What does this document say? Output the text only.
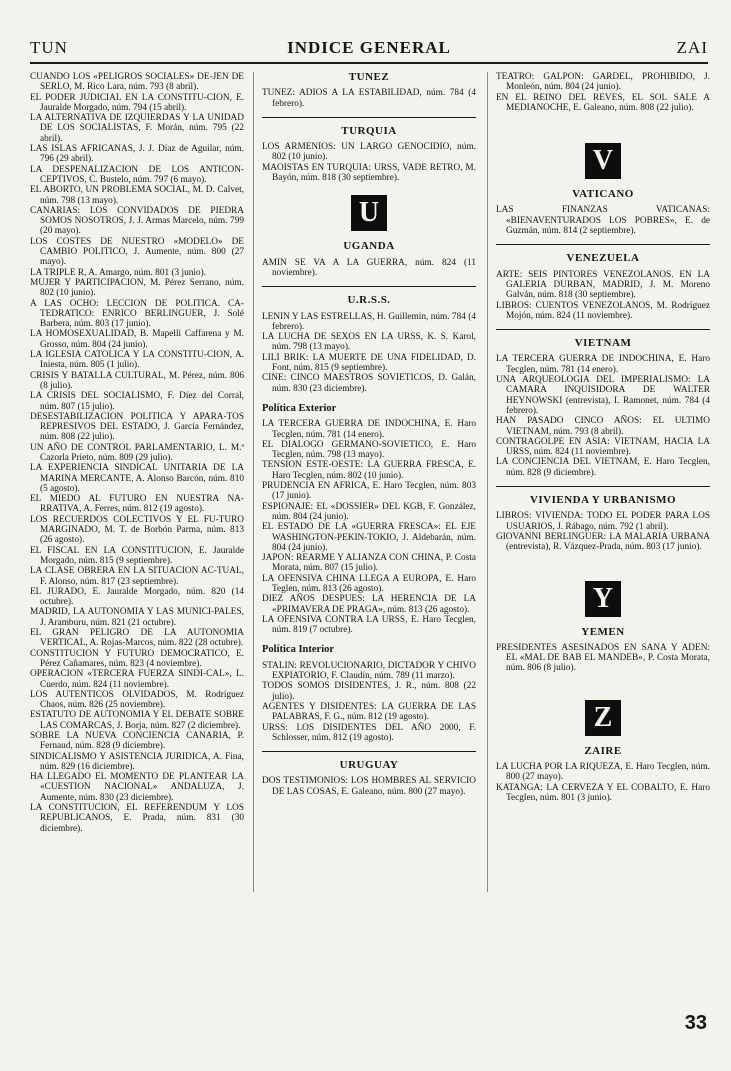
TUN	INDICE GENERAL	ZAI
CUANDO LOS «PELIGROS SOCIALES» DE-JEN DE SERLO, M. Rico Lara, núm. 793 (8 abril).
EL PODER JUDICIAL EN LA CONSTITU-CION, E. Jauralde Morgado, núm. 794 (15 abril).
LA ALTERNATIVA DE IZQUIERDAS Y LA UNIDAD DE LOS SOCIALISTAS, F. Morán, núm. 795 (22 abril).
LAS ISLAS AFRICANAS, J. J. Díaz de Aguilar, núm. 796 (29 abril).
LA DESPENALIZACION DE LOS ANTICON-CEPTIVOS, C. Bustelo, núm. 797 (6 mayo).
EL ABORTO, UN PROBLEMA SOCIAL, M. D. Calvet, núm. 798 (13 mayo).
CANARIAS: LOS CONVIDADOS DE PIEDRA SOMOS NOSOTROS, J. J. Armas Marcelo, núm. 799 (20 mayo).
LOS COSTES DE NUESTRO «MODELO» DE CAMBIO POLITICO, J. Aumente, núm. 800 (27 mayo).
LA TRIPLE R, A. Amargo, núm. 801 (3 junio).
MUJER Y PARTICIPACION, M. Pérez Serrano, núm. 802 (10 junio).
A LAS OCHO: LECCION DE POLITICA. CA-TEDRATICO: ENRICO BERLINGUER, J. Solé Barbera, núm. 803 (17 junio).
LA HOMOSEXUALIDAD, B. Mapelli Caffarena y M. Grosso, núm. 804 (24 junio).
LA IGLESIA CATOLICA Y LA CONSTITU-CION, A. Iniesta, núm. 805 (1 julio).
CRISIS Y BATALLA CULTURAL, M. Pérez, núm. 806 (8 julio).
LA CRISIS DEL SOCIALISMO, F. Díez del Corral, núm. 807 (15 julio).
DESESTABILIZACION POLITICA Y APARA-TOS REPRESIVOS DEL ESTADO, J. García Fernández, núm. 808 (22 julio).
UN AÑO DE CONTROL PARLAMENTARIO, L. M.ª Cazorla Prieto, núm. 809 (29 julio).
LA EXPERIENCIA SINDICAL UNITARIA DE LA MARINA MERCANTE, A. Alonso Barcón, núm. 810 (5 agosto).
EL MIEDO AL FUTURO EN NUESTRA NA-RRATIVA, A. Ferres, núm. 812 (19 agosto).
LOS RECUERDOS COLECTIVOS Y EL FU-TURO MARGINADO, M. T. de Borbón Parma, núm. 813 (26 agosto).
EL FISCAL EN LA CONSTITUCION, E. Jauralde Morgado, núm. 815 (9 septiembre).
LA CLASE OBRERA EN LA SITUACION AC-TUAL, F. Alonso, núm. 817 (23 septiembre).
EL JURADO, E. Jauralde Morgado, núm. 820 (14 octubre).
MADRID, LA AUTONOMIA Y LAS MUNICI-PALES, J. Aramburu, núm. 821 (21 octubre).
EL GRAN PELIGRO DE LA AUTONOMIA VERTICAL, A. Rojas-Marcos, núm. 822 (28 octubre).
CONSTITUCION Y FUTURO DEMOCRATICO, E. Pérez Cañamares, núm. 823 (4 noviembre).
OPERACION «TERCERA FUERZA SINDI-CAL», L. Cuerdo, núm. 824 (11 noviembre).
LOS AUTENTICOS OLVIDADOS, M. Rodríguez Chaos, núm. 826 (25 noviembre).
ESTATUTO DE AUTONOMIA Y EL DEBATE SOBRE LAS COMARCAS, J. Borja, núm. 827 (2 diciembre).
SOBRE LA NUEVA CONCIENCIA CANARIA, P. Fernaud, núm. 828 (9 diciembre).
SINDICALISMO Y ASISTENCIA JURIDICA, A. Fina, núm. 829 (16 diciembre).
HA LLEGADO EL MOMENTO DE PLANTEAR LA «CUESTION NACIONAL» ANDALUZA, J. Aumente, núm. 830 (23 diciembre).
LA CONSTITUCION, EL REFERENDUM Y LOS REPUBLICANOS, E. Prada, núm. 831 (30 diciembre).
TUNEZ
TUNEZ: ADIOS A LA ESTABILIDAD, núm. 784 (4 febrero).
TURQUIA
LOS ARMENIOS: UN LARGO GENOCIDIO, núm. 802 (10 junio).
MAOISTAS EN TURQUIA: URSS, VADE RETRO, M. Bayón, núm. 818 (30 septiembre).
U
UGANDA
AMIN SE VA A LA GUERRA, núm. 824 (11 noviembre).
U.R.S.S.
LENIN Y LAS ESTRELLAS, H. Guillemin, núm. 784 (4 febrero).
LA LUCHA DE SEXOS EN LA URSS, K. S. Karol, núm. 798 (13 mayo).
LILI BRIK: LA MUERTE DE UNA FIDELIDAD, D. Font, núm. 815 (9 septiembre).
CINE: CINCO MAESTROS SOVIETICOS, D. Galán, núm. 830 (23 diciembre).
Política Exterior
LA TERCERA GUERRA DE INDOCHINA, E. Haro Tecglen, núm. 781 (14 enero).
EL DIALOGO GERMANO-SOVIETICO, E. Haro Tecglen, núm. 798 (13 mayo).
TENSION ESTE-OESTE: LA GUERRA FRESCA, E. Haro Tecglen, núm. 802 (10 junio).
PRUDENCIA EN AFRICA, E. Haro Tecglen, núm. 803 (17 junio).
ESPIONAJE: EL «DOSSIER» DEL KGB, F. González, núm. 804 (24 junio).
EL ESTADO DE LA «GUERRA FRESCA»: EL EJE WASHINGTON-PEKIN-TOKIO, J. Aldebarán, núm. 804 (24 junio).
JAPON: REARME Y ALIANZA CON CHINA, P. Costa Morata, núm. 807 (15 julio).
LA OFENSIVA CHINA LLEGA A EUROPA, E. Haro Teglen, núm. 813 (26 agosto).
DIEZ AÑOS DESPUES: LA HERENCIA DE LA «PRIMAVERA DE PRAGA», núm. 813 (26 agosto).
LA OFENSIVA CONTRA LA URSS, E. Haro Tecglen, núm. 819 (7 octubre).
Política Interior
STALIN: REVOLUCIONARIO, DICTADOR Y CHIVO EXPIATORIO, F. Claudín, núm. 789 (11 marzo).
TODOS SOMOS DISIDENTES, J. R., núm. 808 (22 julio).
AGENTES Y DISIDENTES: LA GUERRA DE LAS PALABRAS, F. G., núm. 812 (19 agosto).
URSS: LOS DISIDENTES DEL AÑO 2000, F. Schlosser, núm. 812 (19 agosto).
URUGUAY
DOS TESTIMONIOS: LOS HOMBRES AL SERVICIO DE LAS COSAS, E. Galeano, núm. 800 (27 mayo).
TEATRO: GALPON: GARDEL, PROHIBIDO, J. Monleón, núm. 804 (24 junio).
EN EL REINO DEL REVES, EL SOL SALE A MEDIANOCHE, E. Galeano, núm. 808 (22 julio).
V
VATICANO
LAS FINANZAS VATICANAS: «BIENAVENTURADOS LOS POBRES», E. de Guzmán, núm. 814 (2 septiembre).
VENEZUELA
ARTE: SEIS PINTORES VENEZOLANOS. EN LA GALERIA DURBAN, MADRID, J. M. Moreno Galván, núm. 818 (30 septiembre).
LIBROS: CUENTOS VENEZOLANOS, M. Rodríguez Mojón, núm. 824 (11 noviembre).
VIETNAM
LA TERCERA GUERRA DE INDOCHINA, E. Haro Tecglen, núm. 781 (14 enero).
UNA ARQUEOLOGIA DEL IMPERIALISMO: LA CAMARA INQUISIDORA DE WALTER HEYNOWSKI (entrevista), I. Ramonet, núm. 784 (4 febrero).
HAN PASADO CINCO AÑOS: EL ULTIMO VIETNAM, núm. 793 (8 abril).
CONTRAGOLPE EN ASIA: VIETNAM, HACIA LA URSS, núm. 824 (11 noviembre).
LA CONCIENCIA DEL VIETNAM, E. Haro Tecglen, núm. 828 (9 diciembre).
VIVIENDA Y URBANISMO
LIBROS: VIVIENDA: TODO EL PODER PARA LOS USUARIOS, J. Rábago, núm. 792 (1 abril).
GIOVANNI BERLINGUER: LA MALARIA URBANA (entrevista), R. Vázquez-Prada, núm. 803 (17 junio).
Y
YEMEN
PRESIDENTES ASESINADOS EN SANA Y ADEN: EL «MAL DE BAB EL MANDEB», P. Costa Morata, núm. 806 (8 julio).
Z
ZAIRE
LA LUCHA POR LA RIQUEZA, E. Haro Tecglen, núm. 800 (27 mayo).
KATANGA: LA CERVEZA Y EL COBALTO, E. Haro Tecglen, núm. 801 (3 junio).
33
